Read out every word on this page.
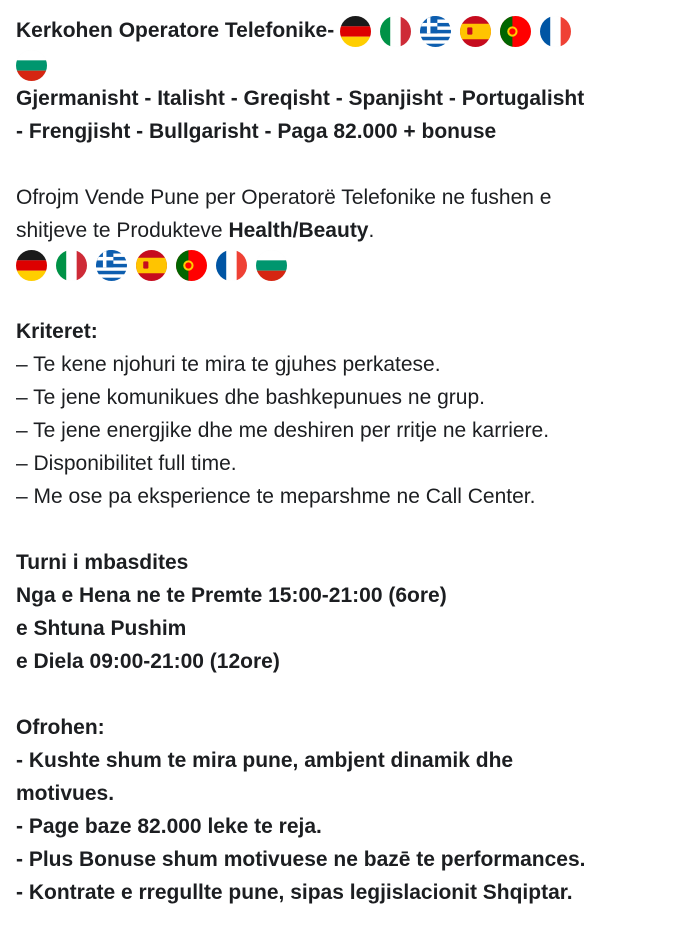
Kerkohen Operatore Telefonike-
Gjermanisht - Italisht - Greqisht - Spanjisht - Portugalisht
- Frengjisht - Bullgarisht - Paga 82.000 + bonuse
Ofrojm Vende Pune per Operatorë Telefonike ne fushen e
shitjeve te Produkteve Health/Beauty.
Kriteret:
– Te kene njohuri te mira te gjuhes perkatese.
– Te jene komunikues dhe bashkepunues ne grup.
– Te jene energjike dhe me deshiren per rritje ne karriere.
– Disponibilitet full time.
– Me ose pa eksperience te meparshme ne Call Center.
Turni i mbasdites
Nga e Hena ne te Premte 15:00-21:00 (6ore)
e Shtuna Pushim
e Diela 09:00-21:00 (12ore)
Ofrohen:
- Kushte shum te mira pune, ambjent dinamik dhe
motivues.
- Page baze 82.000 leke te reja.
- Plus Bonuse shum motivuese ne bazē te performances.
- Kontrate e rregullte pune, sipas legjislacionit Shqiptar.
